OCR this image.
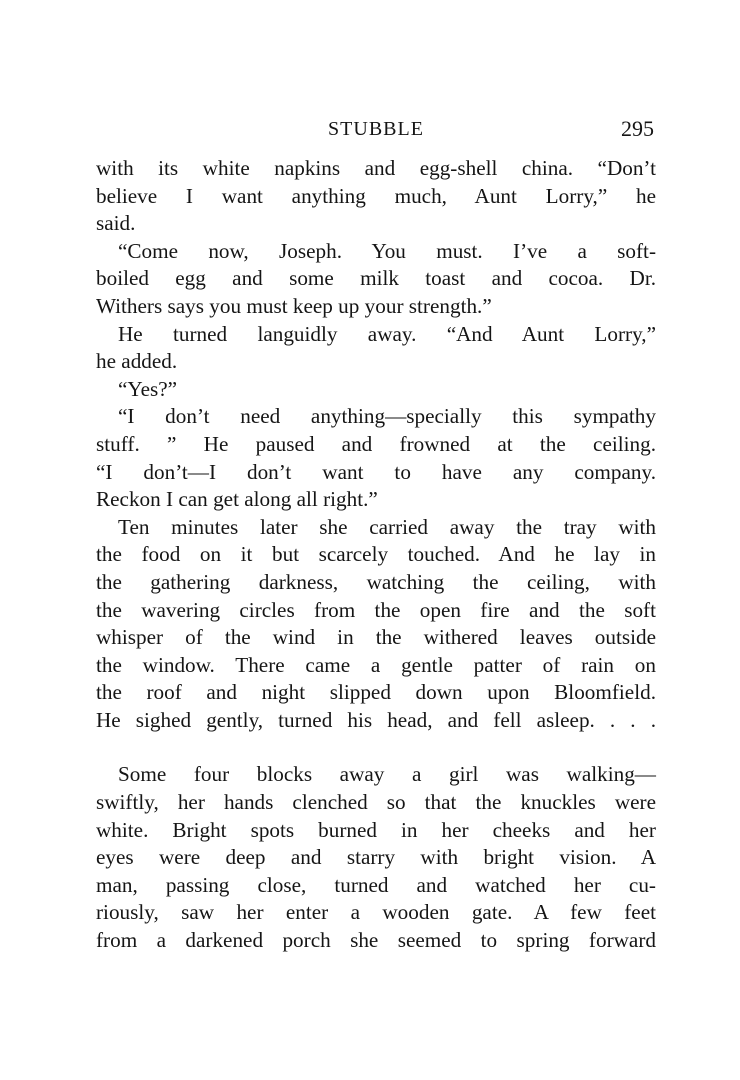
STUBBLE	295
with its white napkins and egg-shell china. “Don’t
believe I want anything much, Aunt Lorry,” he
said.
“Come now, Joseph. You must. I’ve a soft-
boiled egg and some milk toast and cocoa. Dr.
Withers says you must keep up your strength.”
He turned languidly away. “And Aunt Lorry,”
he added.
“Yes?”
“I don’t need anything—specially this sympathy
stuff. ” He paused and frowned at the ceiling.
“I don’t—I don’t want to have any company.
Reckon I can get along all right.”
Ten minutes later she carried away the tray with
the food on it but scarcely touched. And he lay in
the gathering darkness, watching the ceiling, with
the wavering circles from the open fire and the soft
whisper of the wind in the withered leaves outside
the window. There came a gentle patter of rain on
the roof and night slipped down upon Bloomfield.
He sighed gently, turned his head, and fell asleep. . . .
Some four blocks away a girl was walking—
swiftly, her hands clenched so that the knuckles were
white. Bright spots burned in her cheeks and her
eyes were deep and starry with bright vision. A
man, passing close, turned and watched her cu-
riously, saw her enter a wooden gate. A few feet
from a darkened porch she seemed to spring forward
